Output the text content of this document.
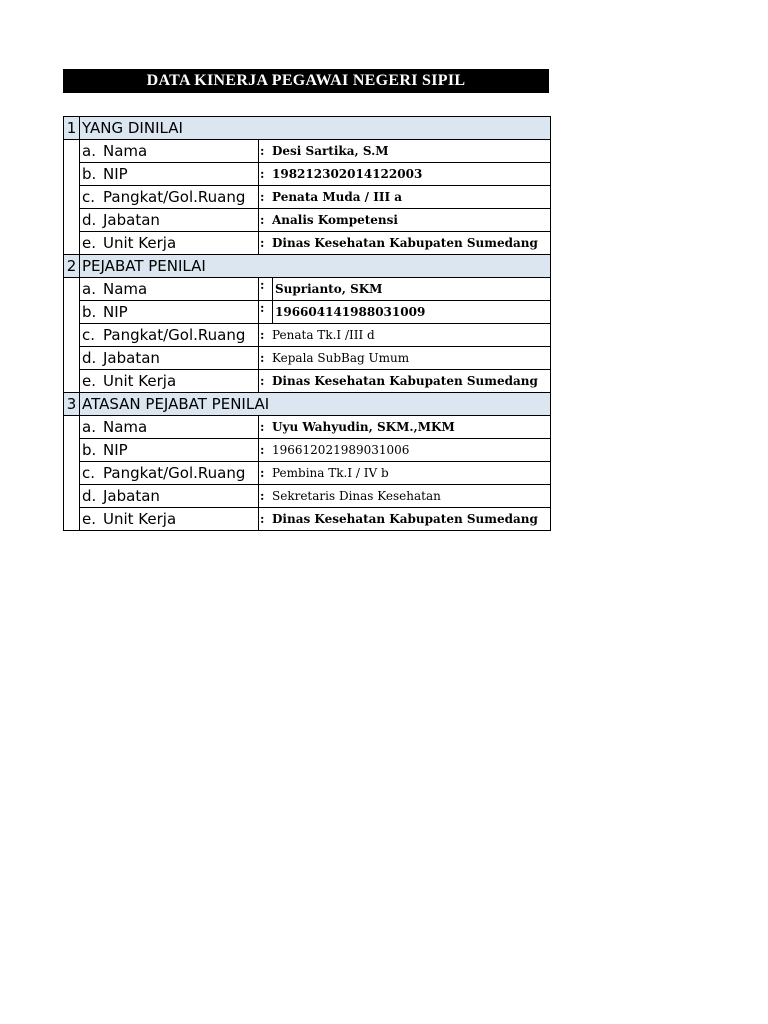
DATA KINERJA PEGAWAI NEGERI SIPIL
1	YANG DINILAI	
	a. Nama	: Desi Sartika, S.M
	b. NIP	: 198212302014122003
	c. Pangkat/Gol.Ruang	: Penata Muda / III a
	d. Jabatan	: Analis Kompetensi
	e. Unit Kerja	: Dinas Kesehatan Kabupaten Sumedang
2	PEJABAT PENILAI	
	a. Nama	: Suprianto, SKM
	b. NIP	: 196604141988031009
	c. Pangkat/Gol.Ruang	: Penata Tk.I /III d
	d. Jabatan	: Kepala SubBag Umum
	e. Unit Kerja	: Dinas Kesehatan Kabupaten Sumedang
3	ATASAN PEJABAT PENILAI	
	a. Nama	: Uyu Wahyudin, SKM.,MKM
	b. NIP	: 196612021989031006
	c. Pangkat/Gol.Ruang	: Pembina Tk.I / IV b
	d. Jabatan	: Sekretaris Dinas Kesehatan
	e. Unit Kerja	: Dinas Kesehatan Kabupaten Sumedang
